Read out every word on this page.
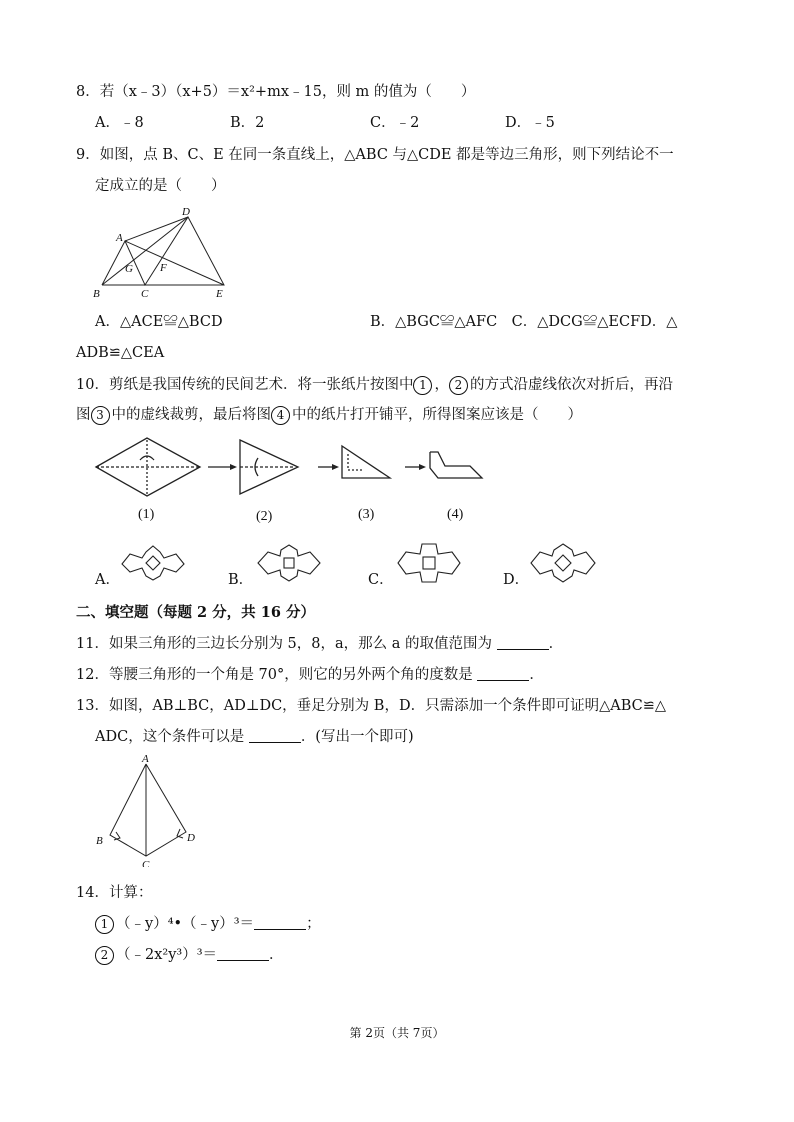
8．若（x﹣3）（x+5）＝x²+mx﹣15，则 m 的值为（　　）
A．﹣8	B．2	C．﹣2	D．﹣5
9．如图，点 B、C、E 在同一条直线上，△ABC 与△CDE 都是等边三角形，则下列结论不一
定成立的是（　　）
A
B	C
D
E
F
G
A．△ACE≌△BCD	B．△BGC≌△AFC　C．△DCG≌△ECFD．△
ADB≌△CEA
10．剪纸是我国传统的民间艺术．将一张纸片按图中 1 ， 2 的方式沿虚线依次对折后，再沿
图 3 中的虚线裁剪，最后将图 4 中的纸片打开铺平，所得图案应该是（　　）
(1)	(2)	(3)	(4)
A．	B．	C．	D．
二、填空题（每题 2 分，共 16 分）
11．如果三角形的三边长分别为 5，8，a，那么 a 的取值范围为	．
12．等腰三角形的一个角是 70°，则它的另外两个角的度数是	．
13．如图，AB⊥BC，AD⊥DC，垂足分别为 B，D．只需添加一个条件即可证明△ABC≌△
ADC，这个条件可以是	．(写出一个即可)
A
B
C
D
14．计算：
1 （﹣y）⁴•（﹣y）³＝	；
2 （﹣2x²y³）³＝	．
第 2页（共 7页）
